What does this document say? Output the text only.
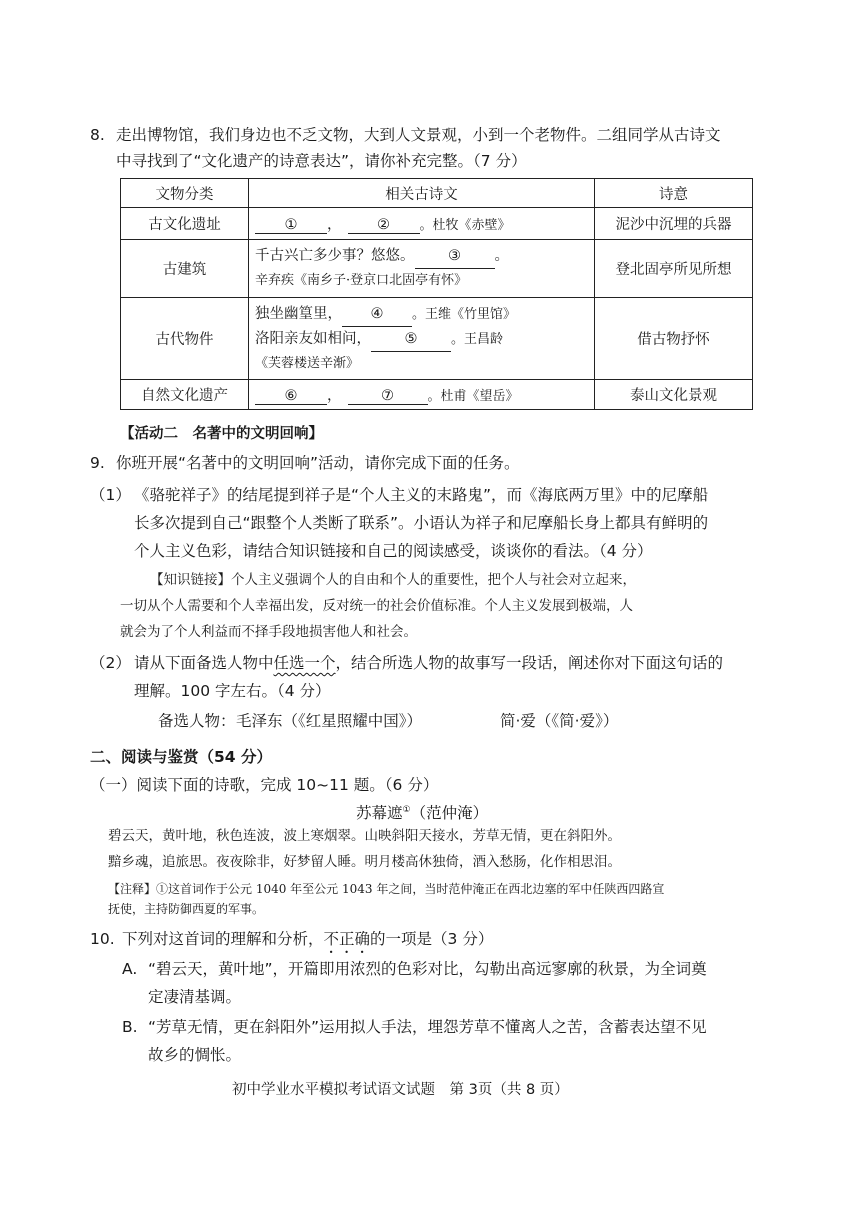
8. 走出博物馆，我们身边也不乏文物，大到人文景观，小到一个老物件。二组同学从古诗文
中寻找到了“文化遗产的诗意表达”，请你补充完整。（7 分）
文物分类	相关古诗文	诗意
古文化遗址	① ， ② 。杜牧《赤壁》	泥沙中沉埋的兵器
古建筑	千古兴亡多少事？悠悠。 ③ 。
辛弃疾《南乡子·登京口北固亭有怀》	登北固亭所见所想
古代物件	独坐幽篁里， ④ 。王维《竹里馆》
洛阳亲友如相问， ⑤ 。王昌龄
《芙蓉楼送辛渐》	借古物抒怀
自然文化遗产	⑥ ， ⑦ 。杜甫《望岳》	泰山文化景观
【活动二　名著中的文明回响】
9. 你班开展“名著中的文明回响”活动，请你完成下面的任务。
（1） 《骆驼祥子》的结尾提到祥子是“个人主义的末路鬼”，而《海底两万里》中的尼摩船
长多次提到自己“跟整个人类断了联系”。小语认为祥子和尼摩船长身上都具有鲜明的
个人主义色彩，请结合知识链接和自己的阅读感受，谈谈你的看法。（4 分）
【知识链接】个人主义强调个人的自由和个人的重要性，把个人与社会对立起来，
一切从个人需要和个人幸福出发，反对统一的社会价值标准。个人主义发展到极端，人
就会为了个人利益而不择手段地损害他人和社会。
（2） 请从下面备选人物中任选一个，结合所选人物的故事写一段话，阐述你对下面这句话的
理解。100 字左右。（4 分）
备选人物： 毛泽东（《红星照耀中国》）	简·爱（《简·爱》）
二、阅读与鉴赏（54 分）
（一）阅读下面的诗歌，完成 10~11 题。（6 分）
苏幕遮①（范仲淹）
碧云天，黄叶地，秋色连波，波上寒烟翠。山映斜阳天接水，芳草无情，更在斜阳外。
黯乡魂，追旅思。夜夜除非，好梦留人睡。明月楼高休独倚，酒入愁肠，化作相思泪。
【注释】①这首词作于公元 1040 年至公元 1043 年之间，当时范仲淹正在西北边塞的军中任陕西四路宣
抚使，主持防御西夏的军事。
10. 下列对这首词的理解和分析，不正确的一项是（3 分）
A. “碧云天，黄叶地”，开篇即用浓烈的色彩对比，勾勒出高远寥廓的秋景，为全词奠
定凄清基调。
B. “芳草无情，更在斜阳外”运用拟人手法，埋怨芳草不懂离人之苦，含蓄表达望不见
故乡的惆怅。
初中学业水平模拟考试语文试题　第 3页（共 8 页）
